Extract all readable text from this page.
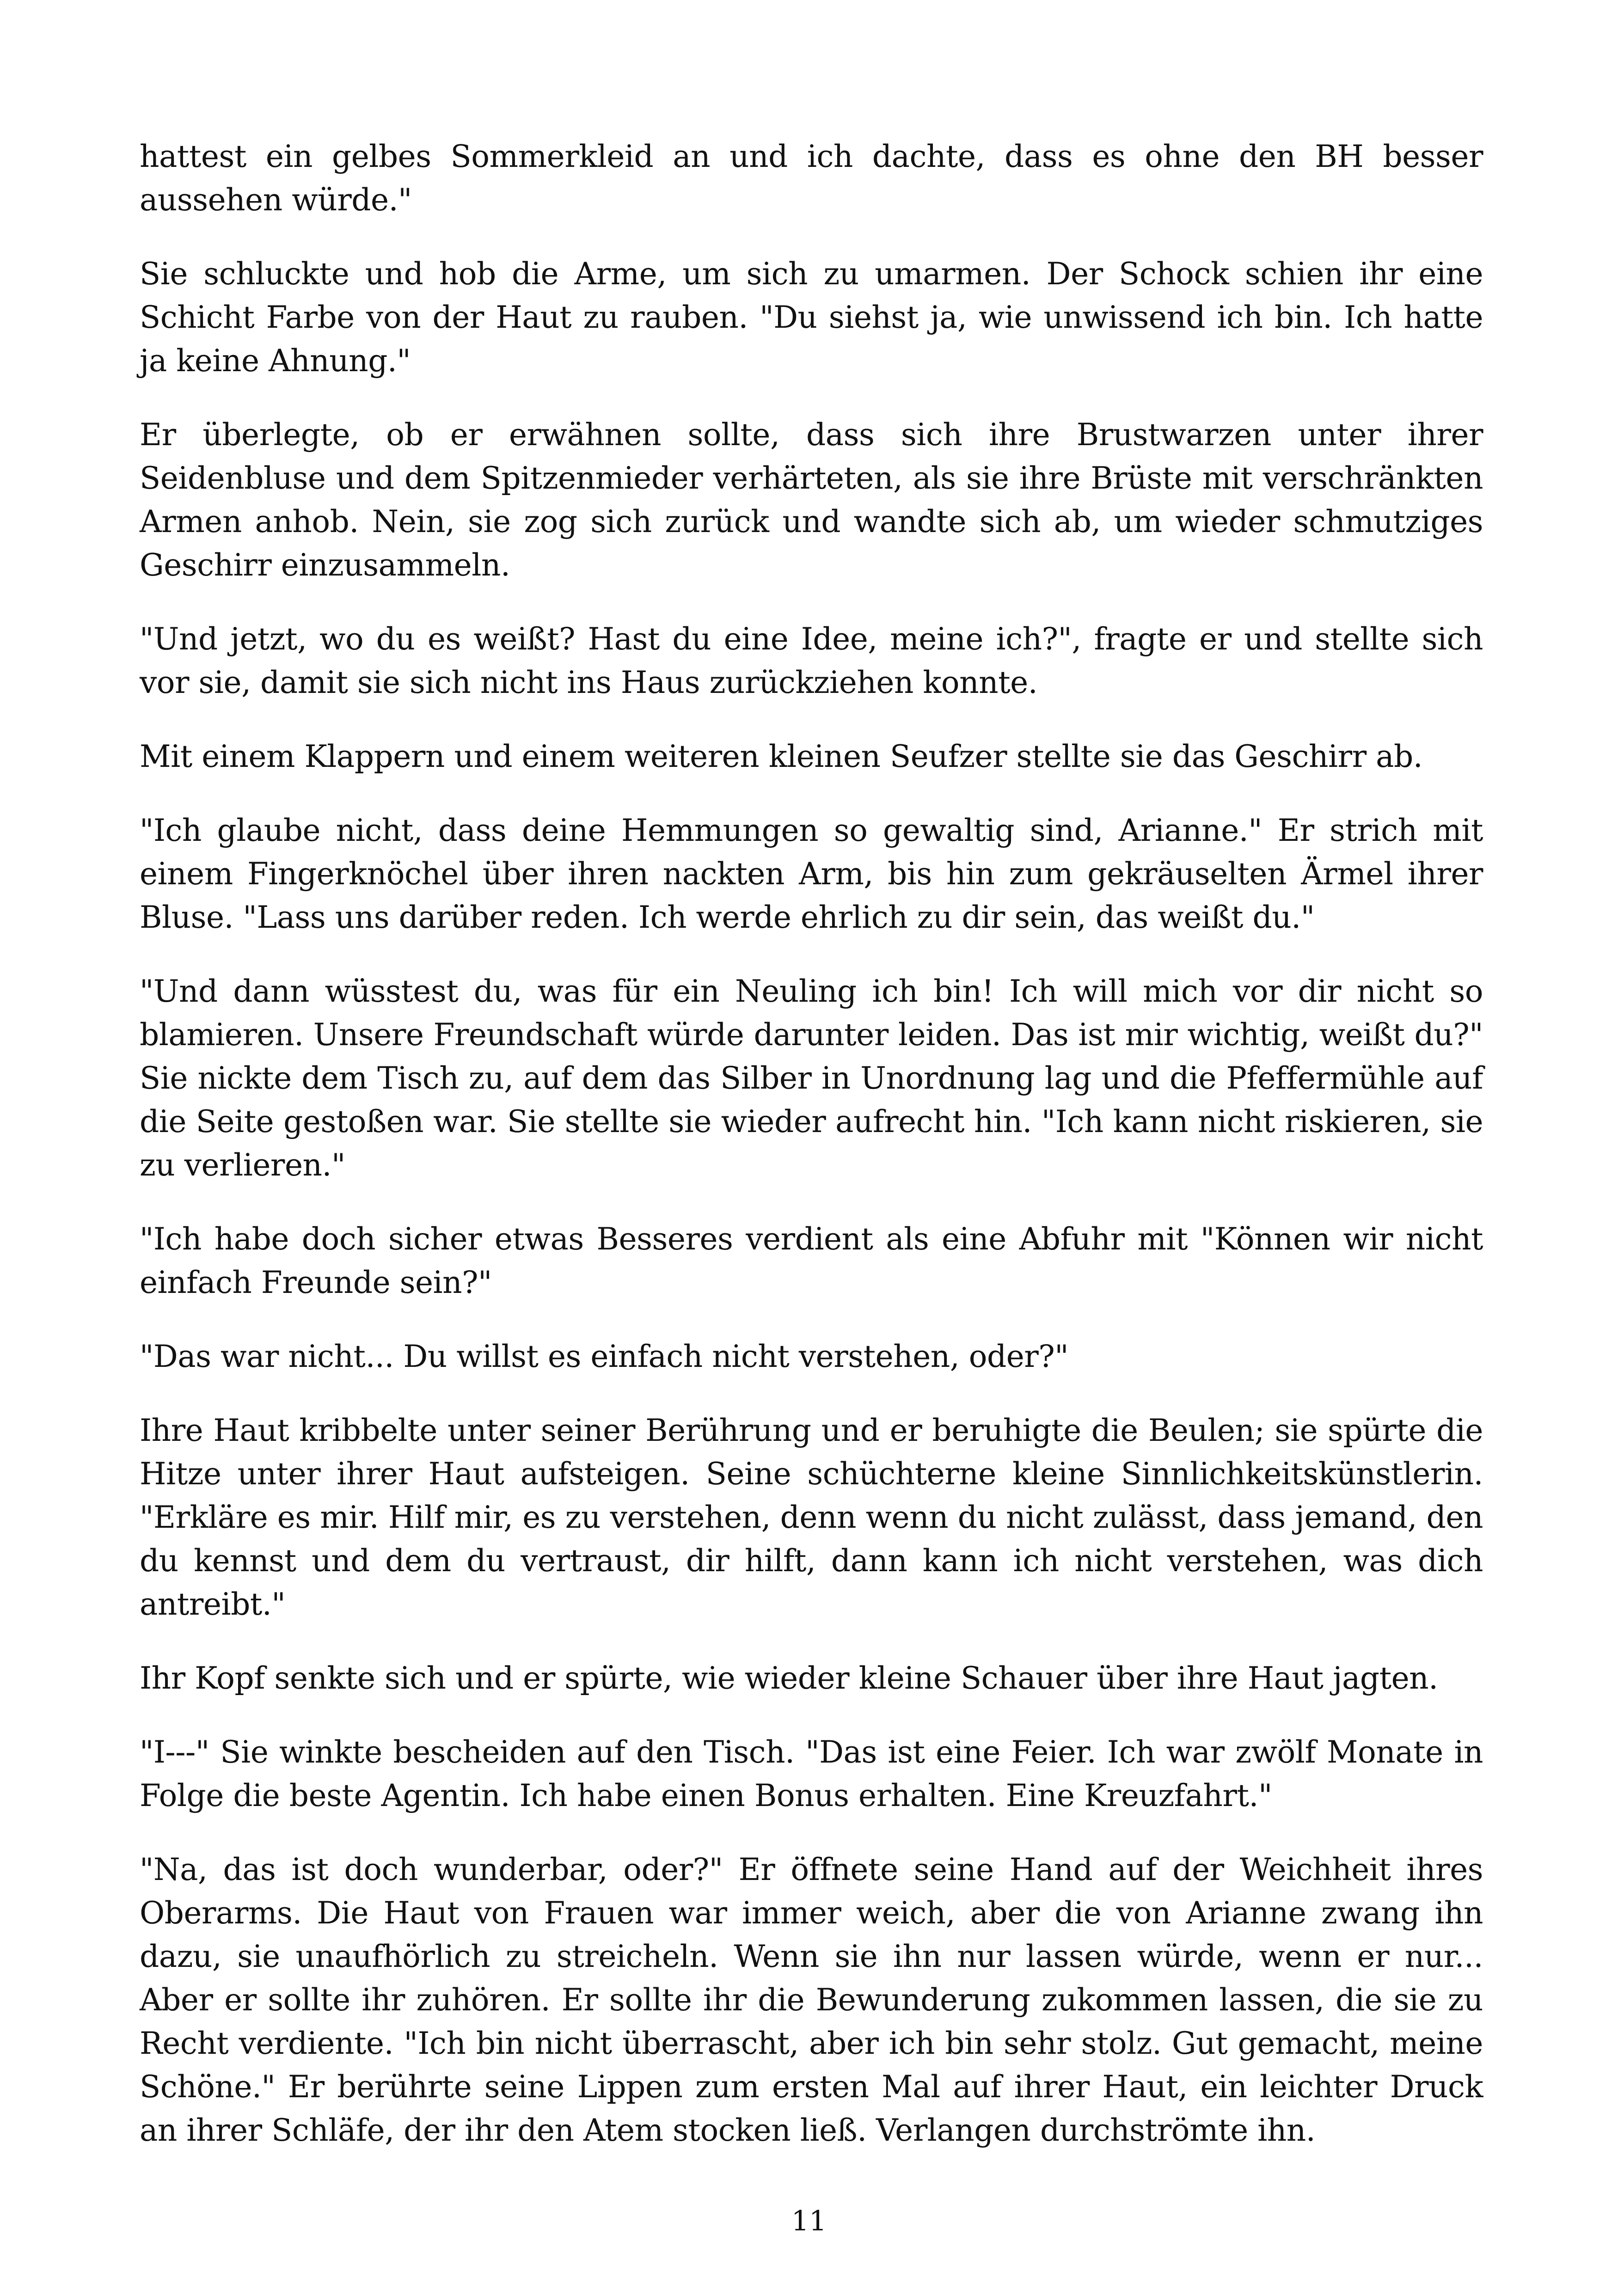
hattest ein gelbes Sommerkleid an und ich dachte, dass es ohne den BH besser aussehen würde."

Sie schluckte und hob die Arme, um sich zu umarmen. Der Schock schien ihr eine Schicht Farbe von der Haut zu rauben. "Du siehst ja, wie unwissend ich bin. Ich hatte ja keine Ahnung."

Er überlegte, ob er erwähnen sollte, dass sich ihre Brustwarzen unter ihrer Seidenbluse und dem Spitzenmieder verhärteten, als sie ihre Brüste mit verschränkten Armen anhob. Nein, sie zog sich zurück und wandte sich ab, um wieder schmutziges Geschirr einzusammeln.

"Und jetzt, wo du es weißt? Hast du eine Idee, meine ich?", fragte er und stellte sich vor sie, damit sie sich nicht ins Haus zurückziehen konnte.

Mit einem Klappern und einem weiteren kleinen Seufzer stellte sie das Geschirr ab.

"Ich glaube nicht, dass deine Hemmungen so gewaltig sind, Arianne." Er strich mit einem Fingerknöchel über ihren nackten Arm, bis hin zum gekräuselten Ärmel ihrer Bluse. "Lass uns darüber reden. Ich werde ehrlich zu dir sein, das weißt du."

"Und dann wüsstest du, was für ein Neuling ich bin! Ich will mich vor dir nicht so blamieren. Unsere Freundschaft würde darunter leiden. Das ist mir wichtig, weißt du?" Sie nickte dem Tisch zu, auf dem das Silber in Unordnung lag und die Pfeffermühle auf die Seite gestoßen war. Sie stellte sie wieder aufrecht hin. "Ich kann nicht riskieren, sie zu verlieren."

"Ich habe doch sicher etwas Besseres verdient als eine Abfuhr mit "Können wir nicht einfach Freunde sein?"

"Das war nicht... Du willst es einfach nicht verstehen, oder?"

Ihre Haut kribbelte unter seiner Berührung und er beruhigte die Beulen; sie spürte die Hitze unter ihrer Haut aufsteigen. Seine schüchterne kleine Sinnlichkeitskünstlerin. "Erkläre es mir. Hilf mir, es zu verstehen, denn wenn du nicht zulässt, dass jemand, den du kennst und dem du vertraust, dir hilft, dann kann ich nicht verstehen, was dich antreibt."

Ihr Kopf senkte sich und er spürte, wie wieder kleine Schauer über ihre Haut jagten.

"I---" Sie winkte bescheiden auf den Tisch. "Das ist eine Feier. Ich war zwölf Monate in Folge die beste Agentin. Ich habe einen Bonus erhalten. Eine Kreuzfahrt."

"Na, das ist doch wunderbar, oder?" Er öffnete seine Hand auf der Weichheit ihres Oberarms. Die Haut von Frauen war immer weich, aber die von Arianne zwang ihn dazu, sie unaufhörlich zu streicheln. Wenn sie ihn nur lassen würde, wenn er nur... Aber er sollte ihr zuhören. Er sollte ihr die Bewunderung zukommen lassen, die sie zu Recht verdiente. "Ich bin nicht überrascht, aber ich bin sehr stolz. Gut gemacht, meine Schöne." Er berührte seine Lippen zum ersten Mal auf ihrer Haut, ein leichter Druck an ihrer Schläfe, der ihr den Atem stocken ließ. Verlangen durchströmte ihn.

11
